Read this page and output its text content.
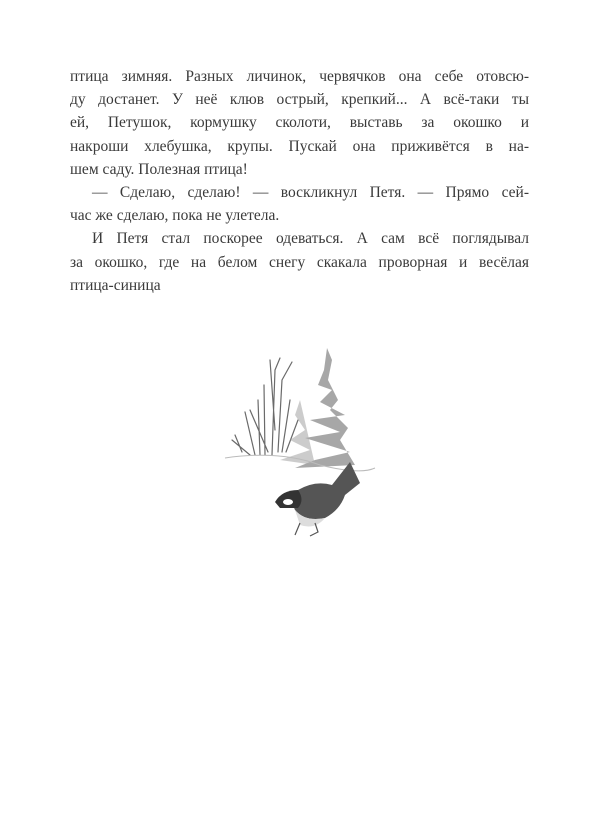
птица зимняя. Разных личинок, червячков она себе отовсю-
ду достанет. У неё клюв острый, крепкий... А всё-таки ты
ей, Петушок, кормушку сколоти, выставь за окошко и
накроши хлебушка, крупы. Пускай она приживётся в на-
шем саду. Полезная птица!
— Сделаю, сделаю! — воскликнул Петя. — Прямо сей-
час же сделаю, пока не улетела.
И Петя стал поскорее одеваться. А сам всё поглядывал
за окошко, где на белом снегу скакала проворная и весёлая
птица-синица
